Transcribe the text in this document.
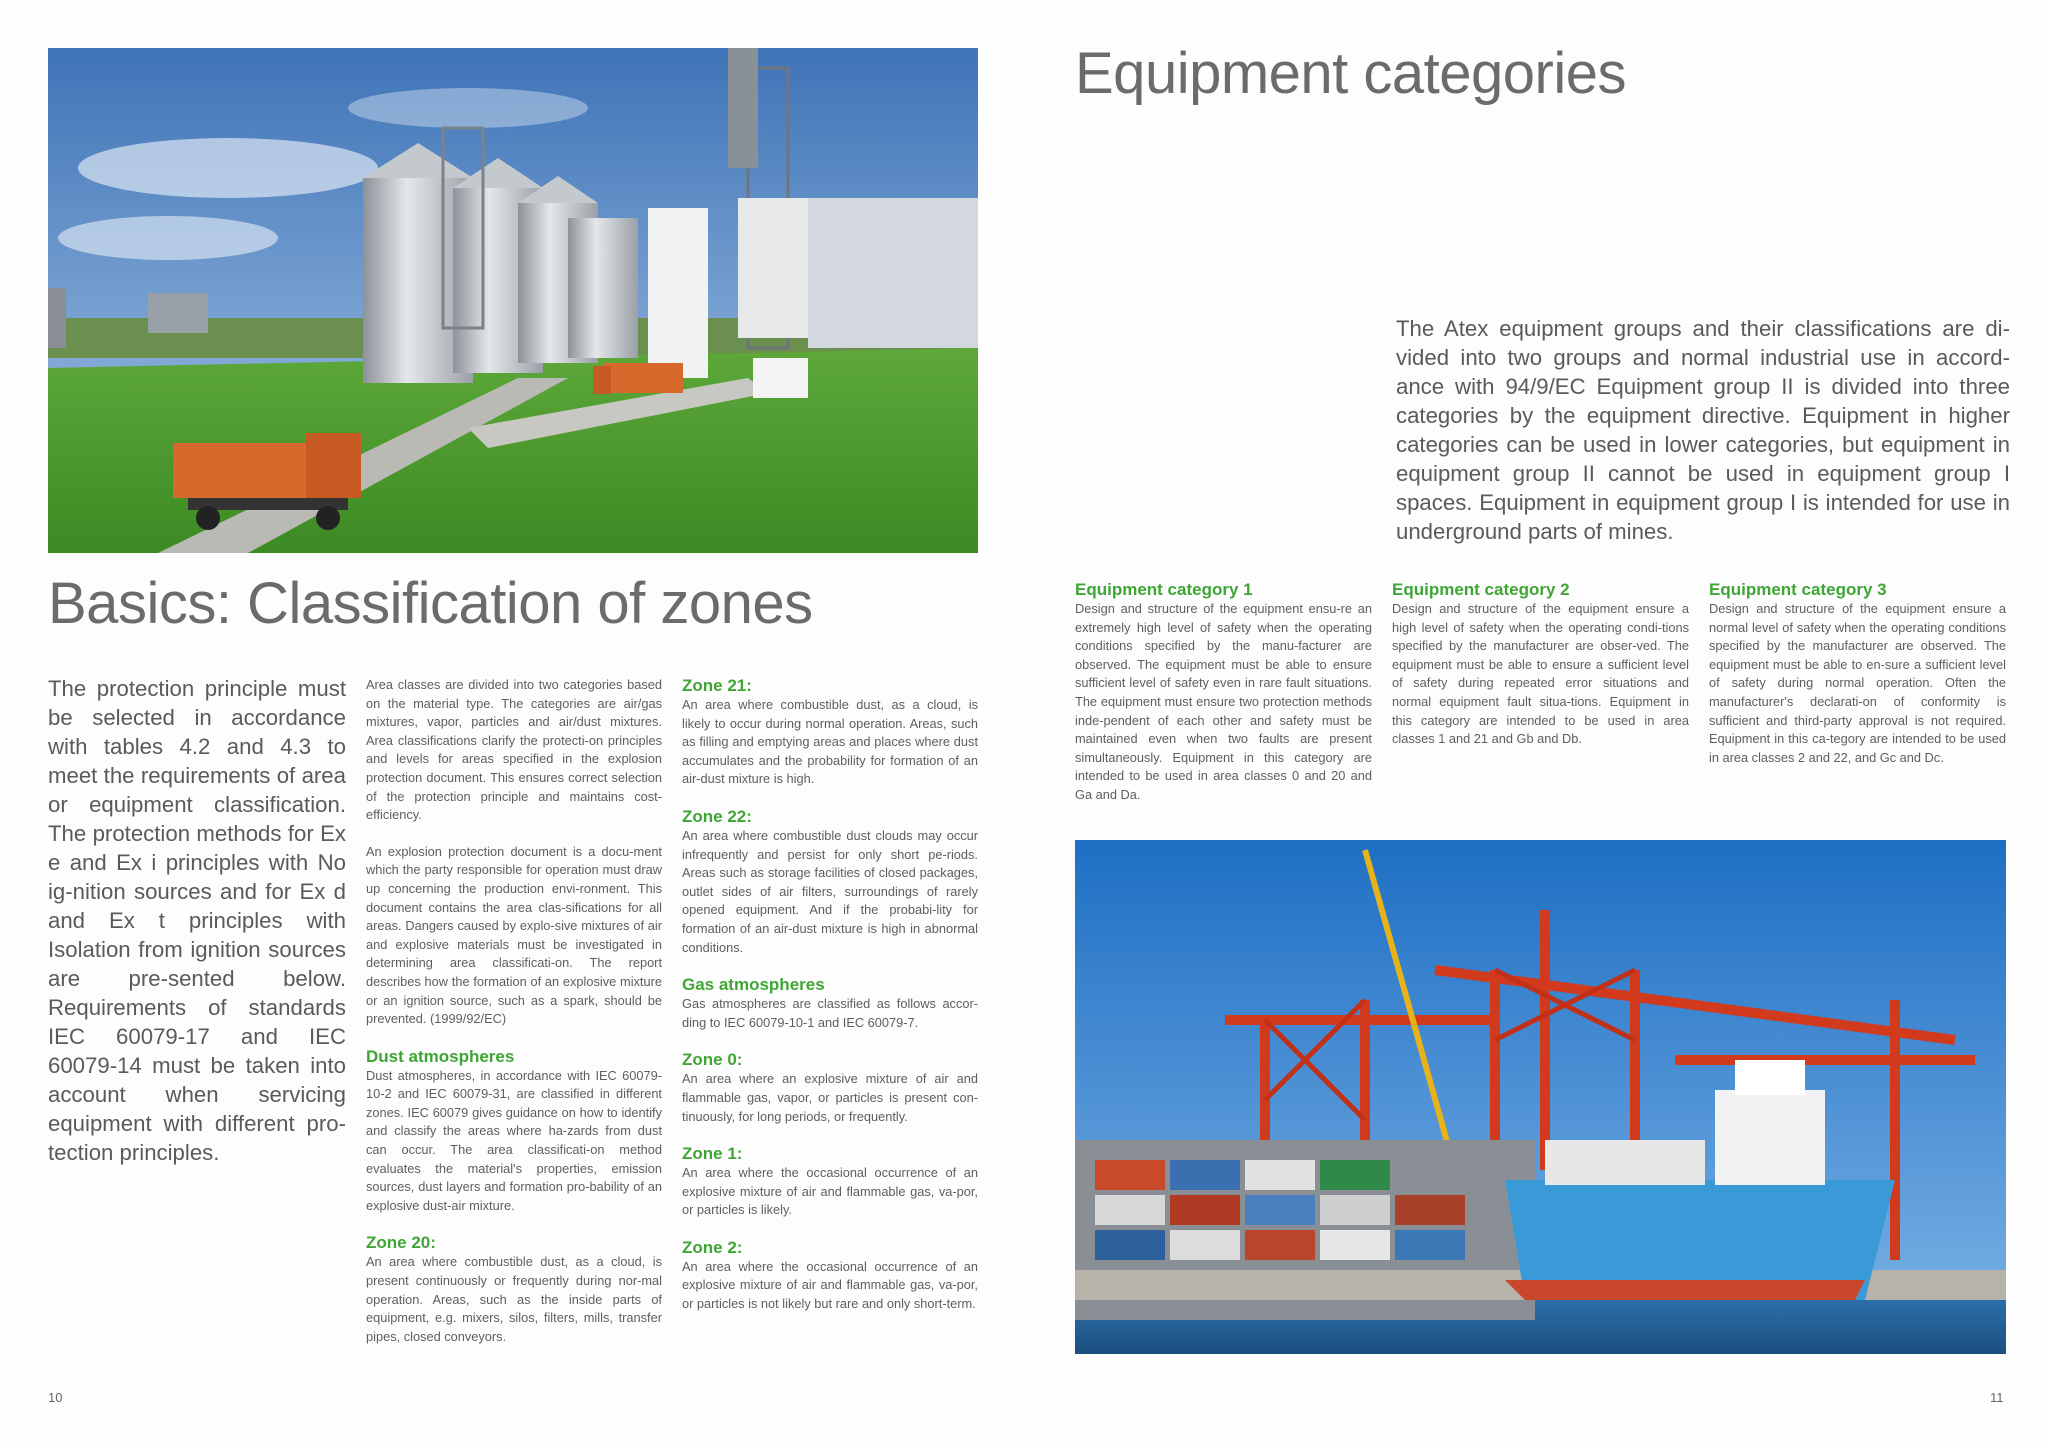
Basics: Classification of zones
The protection principle must be selected in accordance with tables 4.2 and 4.3 to meet the requirements of area or equipment classification. The protection methods for Ex e and Ex i principles with No ig-nition sources and for Ex d and Ex t principles with Isolation from ignition sources are pre-sented below. Requirements of standards IEC 60079-17 and IEC 60079-14 must be taken into account when servicing equipment with different pro-tection principles.

Area classes are divided into two categories based on the material type. The categories are air/gas mixtures, vapor, particles and air/dust mixtures. Area classifications clarify the protecti-on principles and levels for areas specified in the explosion protection document. This ensures correct selection of the protection principle and maintains cost-efficiency.

An explosion protection document is a docu-ment which the party responsible for operation must draw up concerning the production envi-ronment. This document contains the area clas-sifications for all areas. Dangers caused by explo-sive mixtures of air and explosive materials must be investigated in determining area classificati-on. The report describes how the formation of an explosive mixture or an ignition source, such as a spark, should be prevented. (1999/92/EC)

Dust atmospheres

Dust atmospheres, in accordance with IEC 60079-10-2 and IEC 60079-31, are classified in different zones. IEC 60079 gives guidance on how to identify and classify the areas where ha-zards from dust can occur. The area classificati-on method evaluates the material's properties, emission sources, dust layers and formation pro-bability of an explosive dust-air mixture.

Zone 20:

An area where combustible dust, as a cloud, is present continuously or frequently during nor-mal operation. Areas, such as the inside parts of equipment, e.g. mixers, silos, filters, mills, transfer pipes, closed conveyors.

Zone 21:

An area where combustible dust, as a cloud, is likely to occur during normal operation. Areas, such as filling and emptying areas and places where dust accumulates and the probability for formation of an air-dust mixture is high.

Zone 22:

An area where combustible dust clouds may occur infrequently and persist for only short pe-riods. Areas such as storage facilities of closed packages, outlet sides of air filters, surroundings of rarely opened equipment. And if the probabi-lity for formation of an air-dust mixture is high in abnormal conditions.

Gas atmospheres

Gas atmospheres are classified as follows accor-ding to IEC 60079-10-1 and IEC 60079-7.

Zone 0:

An area where an explosive mixture of air and flammable gas, vapor, or particles is present con-tinuously, for long periods, or frequently.

Zone 1:

An area where the occasional occurrence of an explosive mixture of air and flammable gas, va-por, or particles is likely.

Zone 2:

An area where the occasional occurrence of an explosive mixture of air and flammable gas, va-por, or particles is not likely but rare and only short-term.

10
Equipment categories
The Atex equipment groups and their classifications are di-vided into two groups and normal industrial use in accord-ance with 94/9/EC Equipment group II is divided into three categories by the equipment directive. Equipment in higher categories can be used in lower categories, but equipment in equipment group II cannot be used in equipment group I spaces. Equipment in equipment group I is intended for use in underground parts of mines.
Equipment category 1

Design and structure of the equipment ensu-re an extremely high level of safety when the operating conditions specified by the manu-facturer are observed. The equipment must be able to ensure sufficient level of safety even in rare fault situations. The equipment must ensure two protection methods inde-pendent of each other and safety must be maintained even when two faults are present simultaneously. Equipment in this category are intended to be used in area classes 0 and 20 and Ga and Da.

Equipment category 2

Design and structure of the equipment ensure a high level of safety when the operating condi-tions specified by the manufacturer are obser-ved. The equipment must be able to ensure a sufficient level of safety during repeated error situations and normal equipment fault situa-tions. Equipment in this category are intended to be used in area classes 1 and 21 and Gb and Db.

Equipment category 3

Design and structure of the equipment ensure a normal level of safety when the operating conditions specified by the manufacturer are observed. The equipment must be able to en-sure a sufficient level of safety during normal operation. Often the manufacturer's declarati-on of conformity is sufficient and third-party approval is not required. Equipment in this ca-tegory are intended to be used in area classes 2 and 22, and Gc and Dc.

11
